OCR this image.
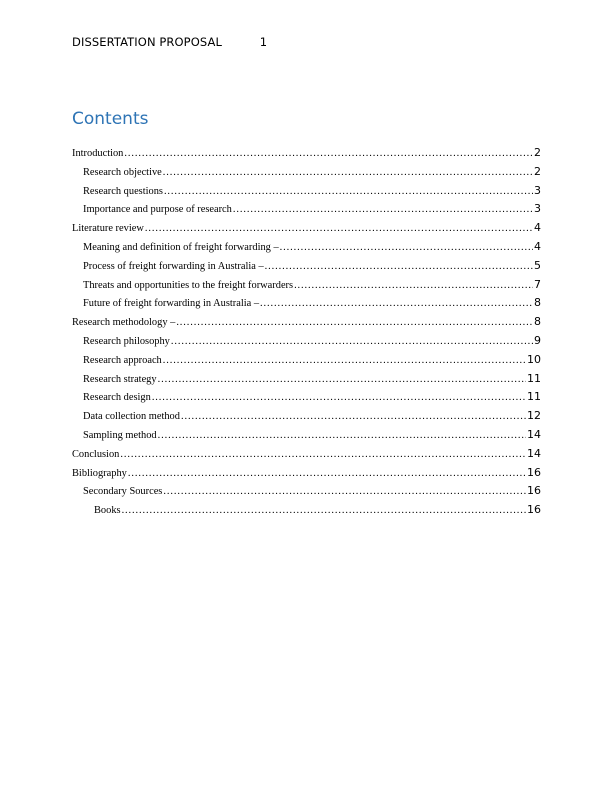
DISSERTATION PROPOSAL	1
Contents
Introduction .....	2
Research objective .....	2
Research questions .....	3
Importance and purpose of research .....	3
Literature review .....	4
Meaning and definition of freight forwarding – .....	4
Process of freight forwarding in Australia – .....	5
Threats and opportunities to the freight forwarders .....	7
Future of freight forwarding in Australia – .....	8
Research methodology – .....	8
Research philosophy .....	9
Research approach .....	10
Research strategy .....	11
Research design .....	11
Data collection method .....	12
Sampling method .....	14
Conclusion .....	14
Bibliography .....	16
Secondary Sources .....	16
Books .....	16
